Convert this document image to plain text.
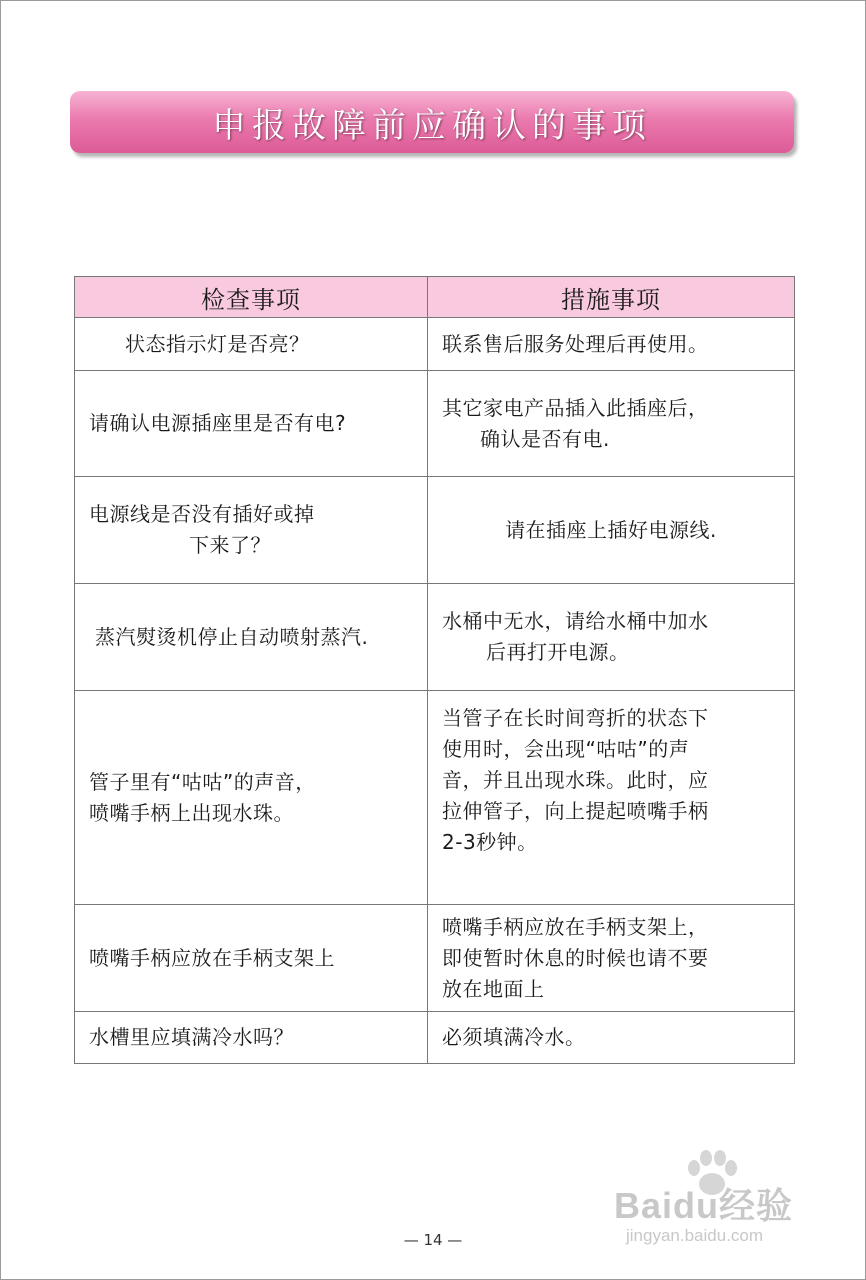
申报故障前应确认的事项
检查事项	措施事项

状态指示灯是否亮？	联系售后服务处理后再使用。

请确认电源插座里是否有电?	其它家电产品插入此插座后，
确认是否有电.

电源线是否没有插好或掉
下来了？	请在插座上插好电源线.

蒸汽熨烫机停止自动喷射蒸汽.	水桶中无水，请给水桶中加水
后再打开电源。

管子里有“咕咕”的声音，
喷嘴手柄上出现水珠。	当管子在长时间弯折的状态下
使用时，会出现“咕咕”的声
音，并且出现水珠。此时，应
拉伸管子，向上提起喷嘴手柄
2-3秒钟。

喷嘴手柄应放在手柄支架上	喷嘴手柄应放在手柄支架上，
即使暂时休息的时候也请不要
放在地面上

水槽里应填满冷水吗？	必须填满冷水。
Baidu经验
jingyan.baidu.com
— 14 —
